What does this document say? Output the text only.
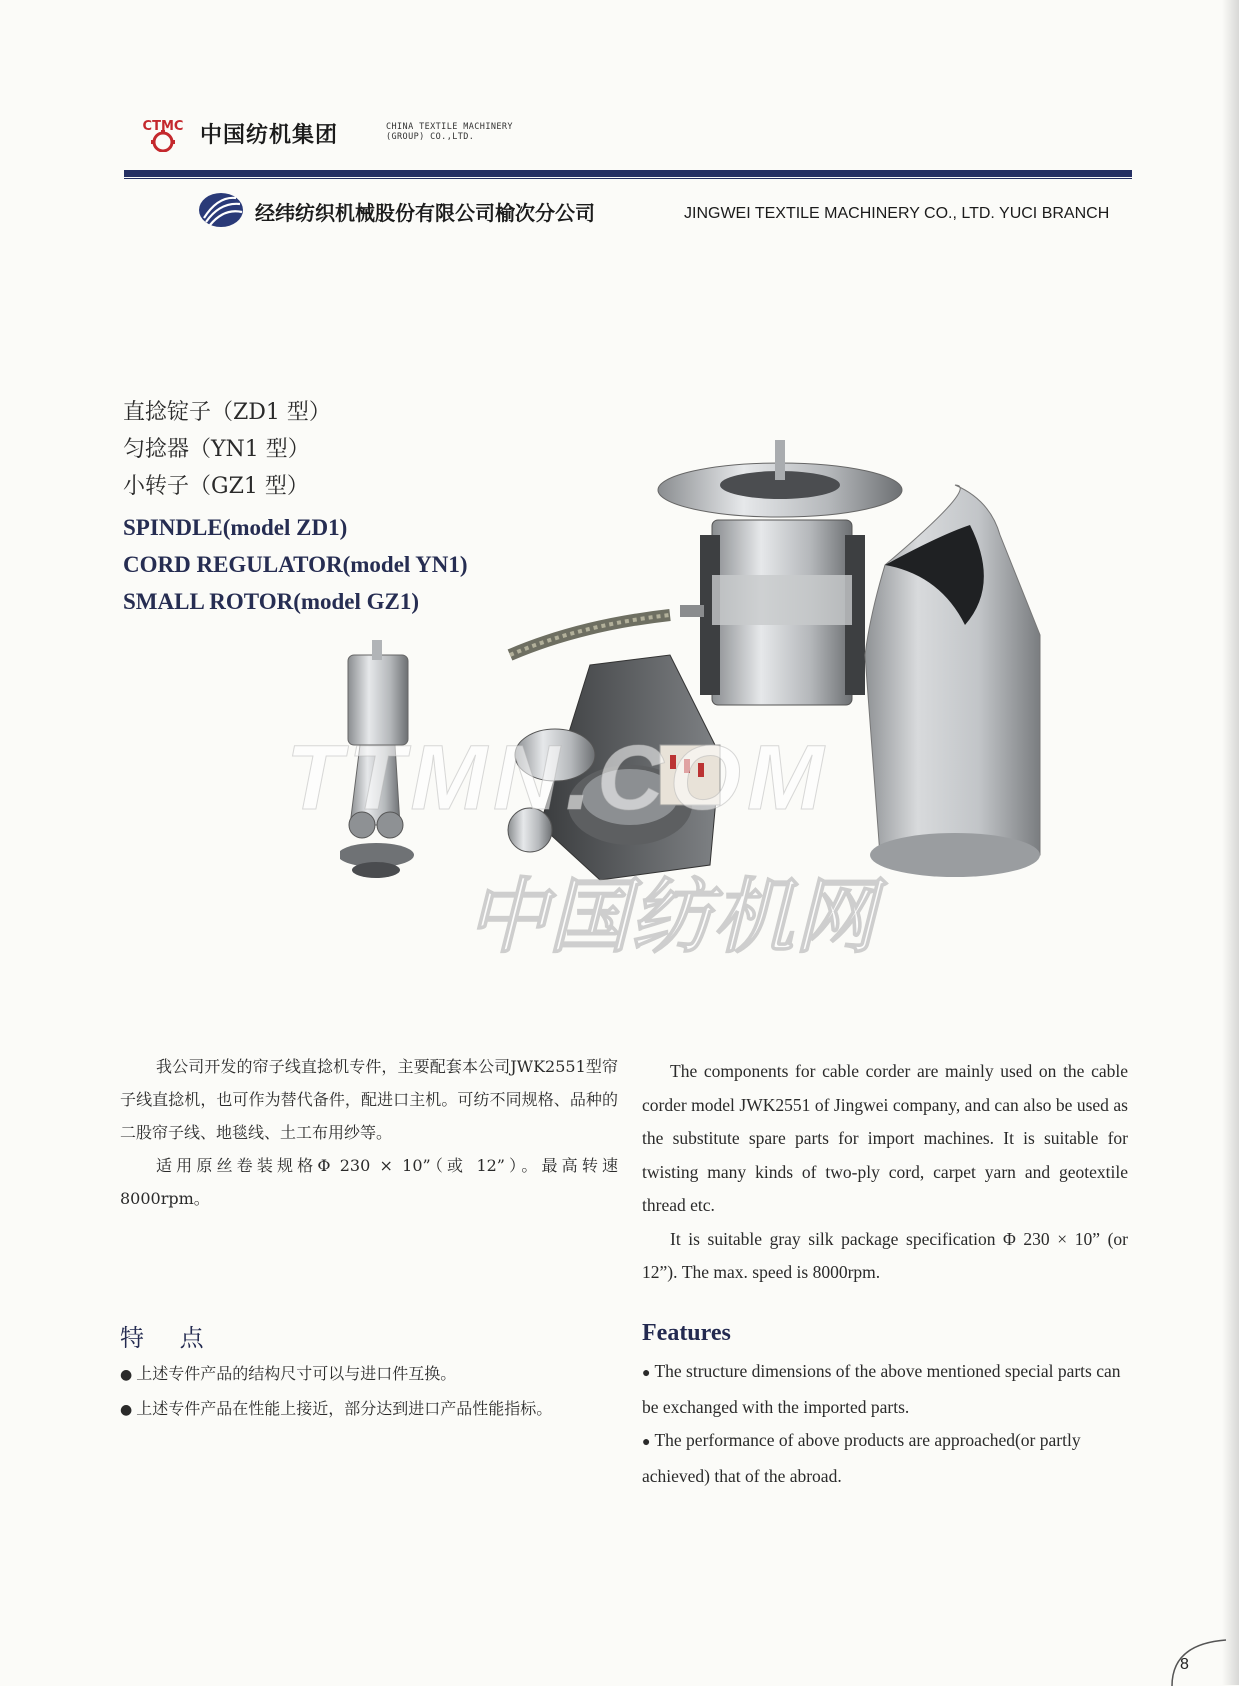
CTMC 中国纺机集团	CHINA TEXTILE MACHINERY
(GROUP) CO.,LTD.
经纬纺织机械股份有限公司榆次分公司	JINGWEI TEXTILE MACHINERY CO., LTD. YUCI BRANCH
直捻锭子（ZD1 型）
匀捻器（YN1 型）
小转子（GZ1 型）
SPINDLE(model ZD1)
CORD REGULATOR(model YN1)
SMALL ROTOR(model GZ1)
TTMN.COM
中国纺机网

我公司开发的帘子线直捻机专件，主要配套本公司JWK2551型帘子线直捻机，也可作为替代备件，配进口主机。可纺不同规格、品种的二股帘子线、地毯线、土工布用纱等。

适用原丝卷装规格Φ 230 × 10”（或 12”）。最高转速8000rpm。

The components for cable corder are mainly used on the cable corder model JWK2551 of Jingwei company, and can also be used as the substitute spare parts for import machines. It is suitable for twisting many kinds of two-ply cord, carpet yarn and geotextile thread etc.

It is suitable gray silk package specification Φ 230 × 10” (or 12”). The max. speed is 8000rpm.

特 点
● 上述专件产品的结构尺寸可以与进口件互换。
● 上述专件产品在性能上接近，部分达到进口产品性能指标。
Features
● The structure dimensions of the above mentioned special parts can be exchanged with the imported parts.
● The performance of above products are approached(or partly achieved) that of the abroad.
8
